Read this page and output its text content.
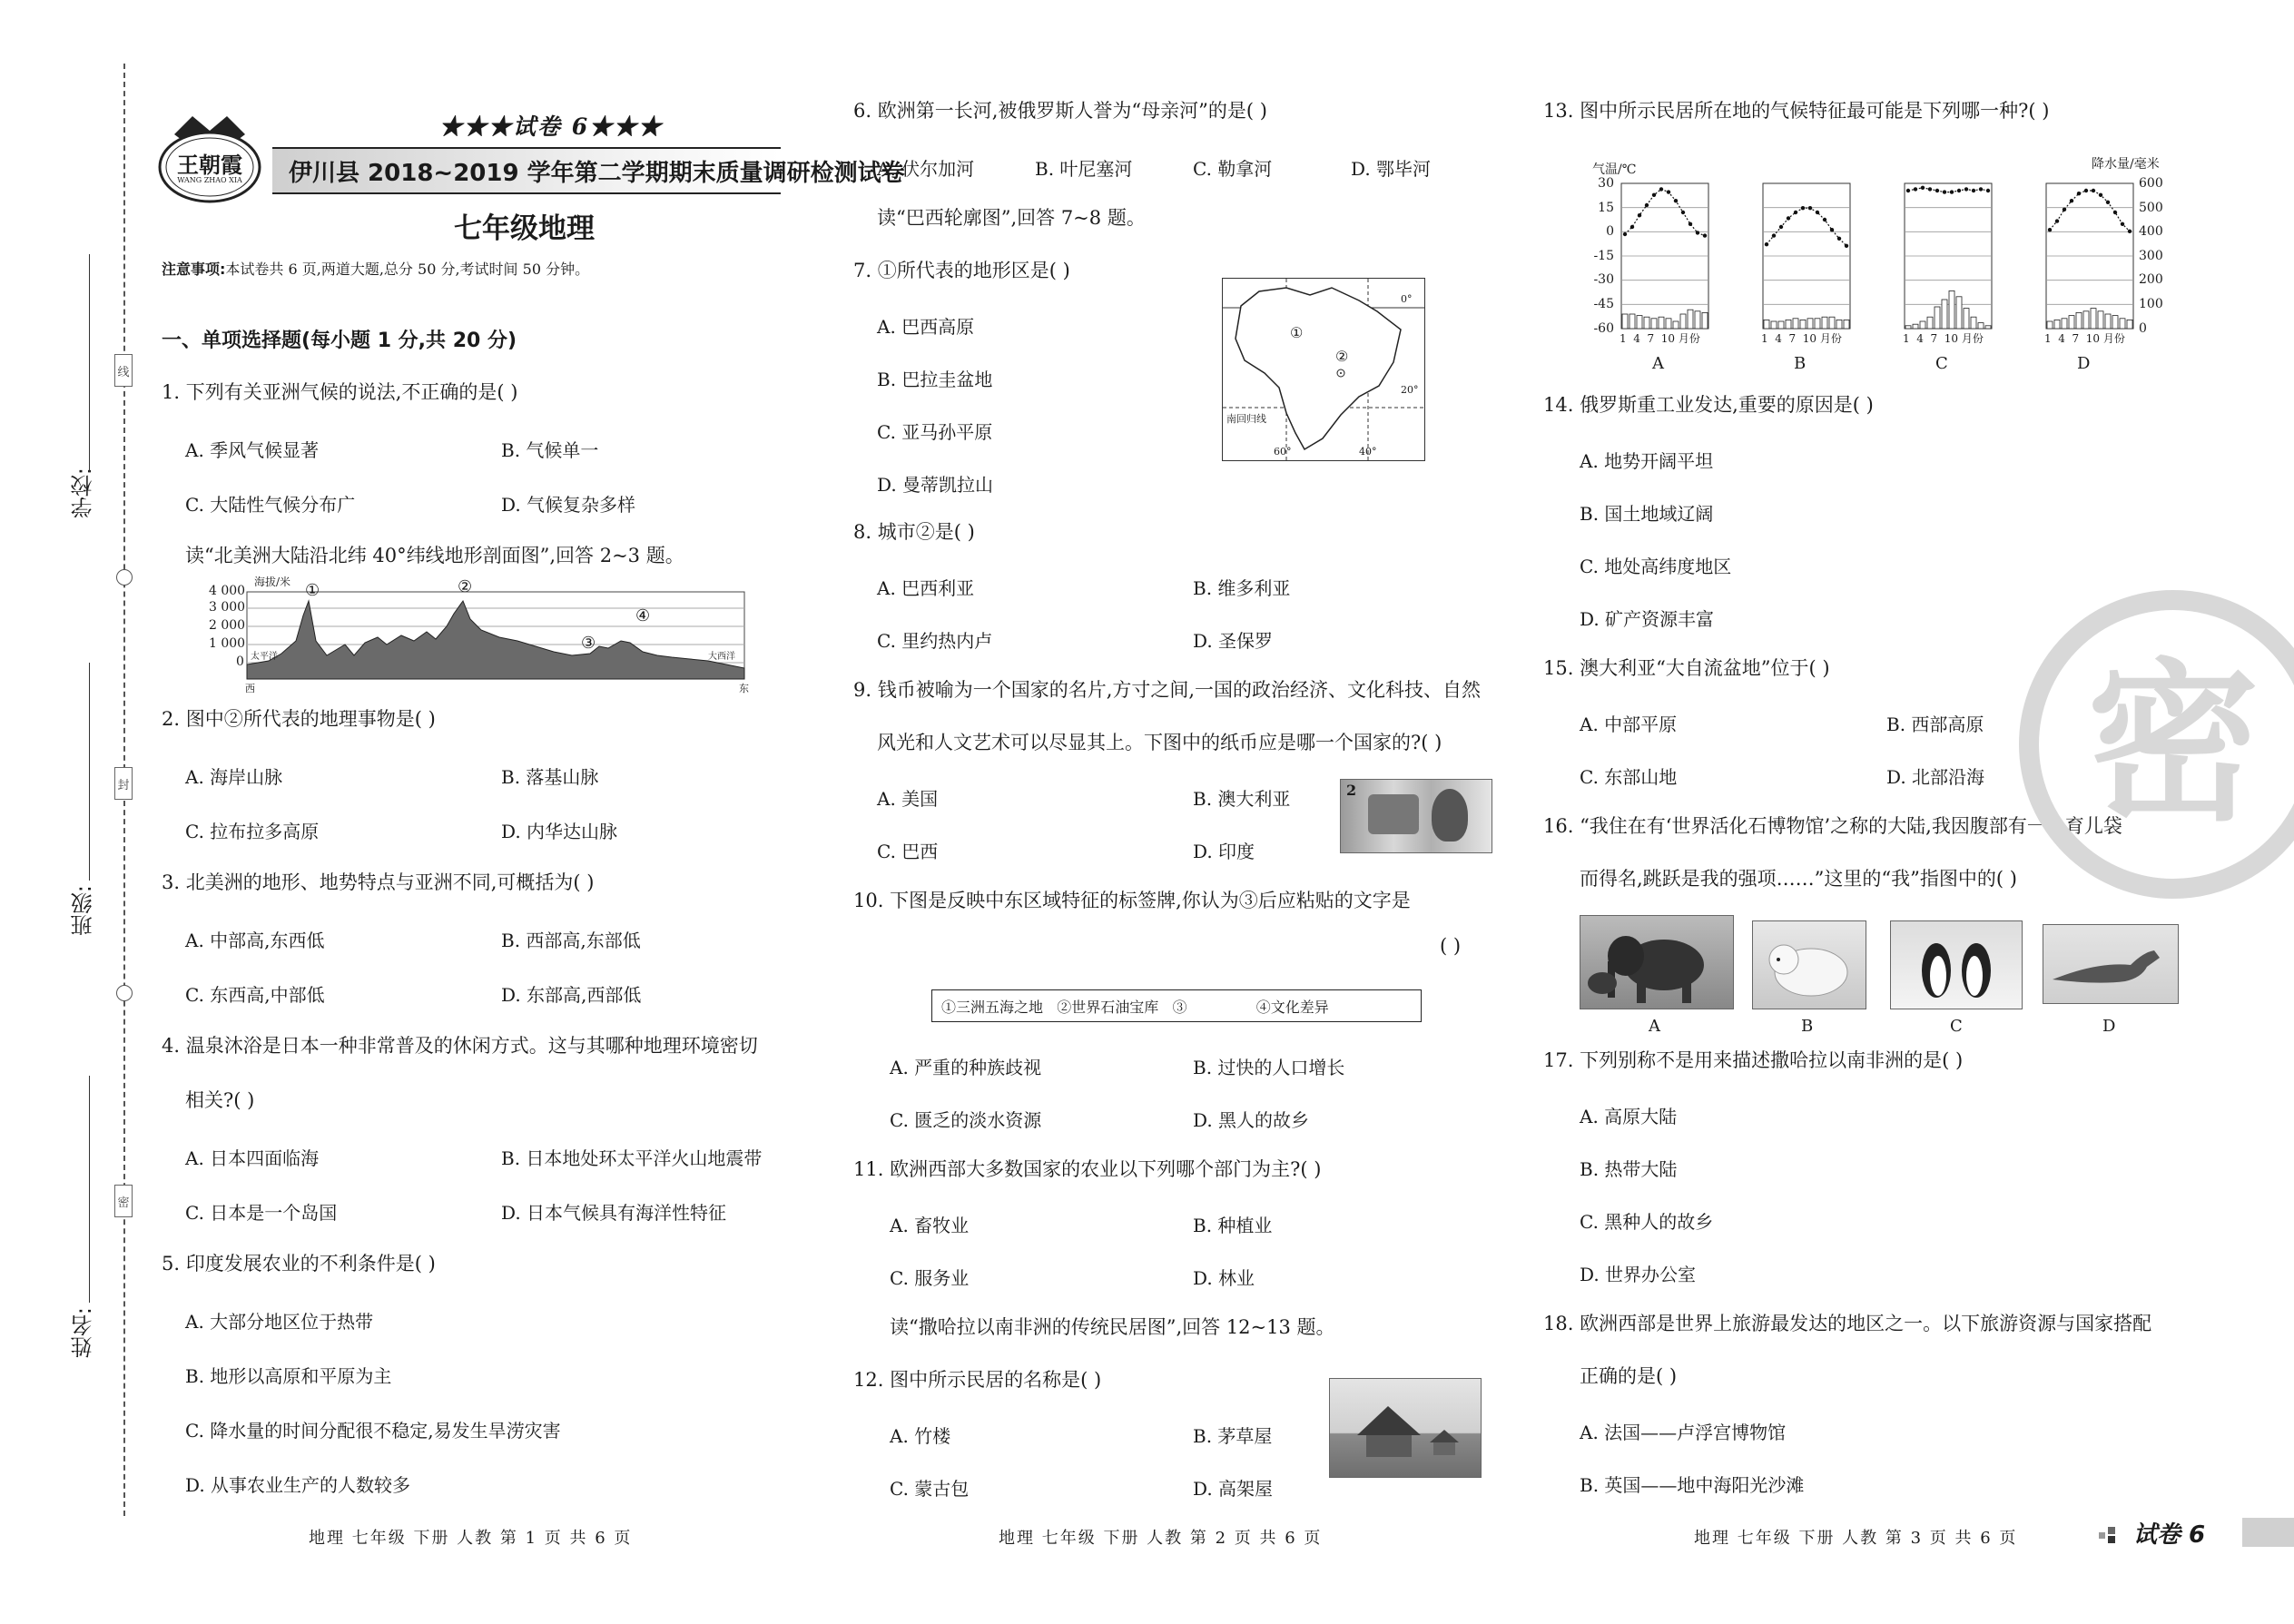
学校:
班级:
姓名:
线
封
密
王朝霞
WANG ZHAO XIA
★★★试卷 6★★★
伊川县 2018~2019 学年第二学期期末质量调研检测试卷
七年级地理
注意事项:本试卷共 6 页,两道大题,总分 50 分,考试时间 50 分钟。
一、单项选择题(每小题 1 分,共 20 分)
1. 下列有关亚洲气候的说法,不正确的是( )
A. 季风气候显著	B. 气候单一
C. 大陆性气候分布广	D. 气候复杂多样
读“北美洲大陆沿北纬 40°纬线地形剖面图”,回答 2~3 题。
海拔/米
4 000
3 000
2 000
1 000
0
①	②
③
④
太平洋	大西洋
西	东
2. 图中②所代表的地理事物是( )
A. 海岸山脉	B. 落基山脉
C. 拉布拉多高原	D. 内华达山脉
3. 北美洲的地形、地势特点与亚洲不同,可概括为( )
A. 中部高,东西低	B. 西部高,东部低
C. 东西高,中部低	D. 东部高,西部低
4. 温泉沐浴是日本一种非常普及的休闲方式。这与其哪种地理环境密切
相关?( )
A. 日本四面临海	B. 日本地处环太平洋火山地震带
C. 日本是一个岛国	D. 日本气候具有海洋性特征
5. 印度发展农业的不利条件是( )
A. 大部分地区位于热带
B. 地形以高原和平原为主
C. 降水量的时间分配很不稳定,易发生旱涝灾害
D. 从事农业生产的人数较多
地理 七年级 下册 人教 第 1 页 共 6 页
6. 欧洲第一长河,被俄罗斯人誉为“母亲河”的是( )
A. 伏尔加河	B. 叶尼塞河	C. 勒拿河	D. 鄂毕河
读“巴西轮廓图”,回答 7~8 题。
7. ①所代表的地形区是( )
A. 巴西高原
B. 巴拉圭盆地
C. 亚马孙平原
D. 曼蒂凯拉山
①
②
0°
20°
南回归线
60°	40°
8. 城市②是( )
A. 巴西利亚	B. 维多利亚
C. 里约热内卢	D. 圣保罗
9. 钱币被喻为一个国家的名片,方寸之间,一国的政治经济、文化科技、自然
风光和人文艺术可以尽显其上。下图中的纸币应是哪一个国家的?( )
A. 美国	B. 澳大利亚
C. 巴西	D. 印度
2
10. 下图是反映中东区域特征的标签牌,你认为③后应粘贴的文字是
( )
①三洲五海之地   ②世界石油宝库   ③               ④文化差异
A. 严重的种族歧视	B. 过快的人口增长
C. 匮乏的淡水资源	D. 黑人的故乡
11. 欧洲西部大多数国家的农业以下列哪个部门为主?( )
A. 畜牧业	B. 种植业
C. 服务业	D. 林业
读“撒哈拉以南非洲的传统民居图”,回答 12~13 题。
12. 图中所示民居的名称是( )
A. 竹楼	B. 茅草屋
C. 蒙古包	D. 高架屋
地理 七年级 下册 人教 第 2 页 共 6 页
13. 图中所示民居所在地的气候特征最可能是下列哪一种?( )
气温/℃	降水量/毫米
30
15
0
-15
-30
-45
-60
600
500
400
300
200
100
0
1  4  7  10 月份	1  4  7  10 月份	1  4  7  10 月份	1  4  7  10 月份
A	B	C	D
14. 俄罗斯重工业发达,重要的原因是( )
A. 地势开阔平坦
B. 国土地域辽阔
C. 地处高纬度地区
D. 矿产资源丰富
15. 澳大利亚“大自流盆地”位于( )
A. 中部平原	B. 西部高原
C. 东部山地	D. 北部沿海
16. “我住在有‘世界活化石博物馆’之称的大陆,我因腹部有一个育儿袋
而得名,跳跃是我的强项……”这里的“我”指图中的( )
A	B	C	D
17. 下列别称不是用来描述撒哈拉以南非洲的是( )
A. 高原大陆
B. 热带大陆
C. 黑种人的故乡
D. 世界办公室
18. 欧洲西部是世界上旅游最发达的地区之一。以下旅游资源与国家搭配
正确的是( )
A. 法国——卢浮宫博物馆
B. 英国——地中海阳光沙滩
密
地理 七年级 下册 人教 第 3 页 共 6 页	试卷 6
